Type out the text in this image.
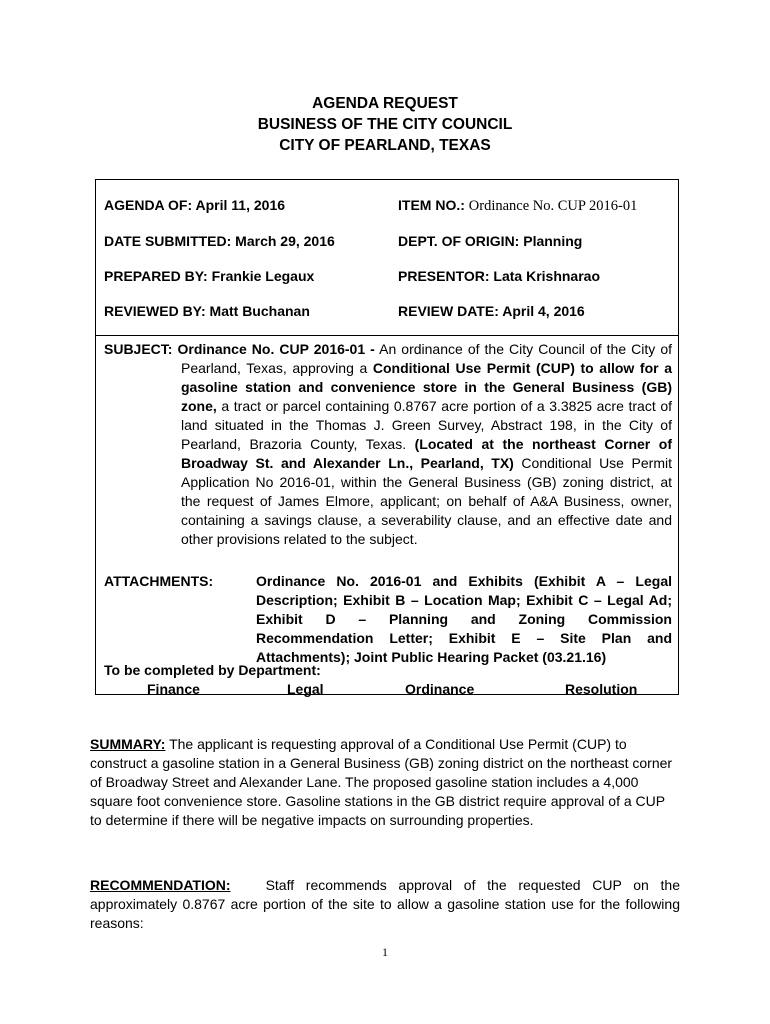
AGENDA REQUEST
BUSINESS OF THE CITY COUNCIL
CITY OF PEARLAND, TEXAS
AGENDA OF: April 11, 2016	ITEM NO.: Ordinance No. CUP 2016-01
DATE SUBMITTED: March 29, 2016	DEPT. OF ORIGIN: Planning
PREPARED BY: Frankie Legaux	PRESENTOR: Lata Krishnarao
REVIEWED BY: Matt Buchanan	REVIEW DATE: April 4, 2016
SUBJECT: Ordinance No. CUP 2016-01 - An ordinance of the City Council of the City of Pearland, Texas, approving a Conditional Use Permit (CUP) to allow for a gasoline station and convenience store in the General Business (GB) zone, a tract or parcel containing 0.8767 acre portion of a 3.3825 acre tract of land situated in the Thomas J. Green Survey, Abstract 198, in the City of Pearland, Brazoria County, Texas. (Located at the northeast Corner of Broadway St. and Alexander Ln., Pearland, TX) Conditional Use Permit Application No 2016-01, within the General Business (GB) zoning district, at the request of James Elmore, applicant; on behalf of A&A Business, owner, containing a savings clause, a severability clause, and an effective date and other provisions related to the subject.
ATTACHMENTS:	Ordinance No. 2016-01 and Exhibits (Exhibit A – Legal Description; Exhibit B – Location Map; Exhibit C – Legal Ad; Exhibit D – Planning and Zoning Commission Recommendation Letter; Exhibit E – Site Plan and Attachments); Joint Public Hearing Packet (03.21.16)
To be completed by Department:
Finance	Legal	Ordinance	Resolution
SUMMARY: The applicant is requesting approval of a Conditional Use Permit (CUP) to construct a gasoline station in a General Business (GB) zoning district on the northeast corner of Broadway Street and Alexander Lane. The proposed gasoline station includes a 4,000 square foot convenience store. Gasoline stations in the GB district require approval of a CUP to determine if there will be negative impacts on surrounding properties.
RECOMMENDATION:   Staff recommends approval of the requested CUP on the approximately 0.8767 acre portion of the site to allow a gasoline station use for the following reasons:
1
